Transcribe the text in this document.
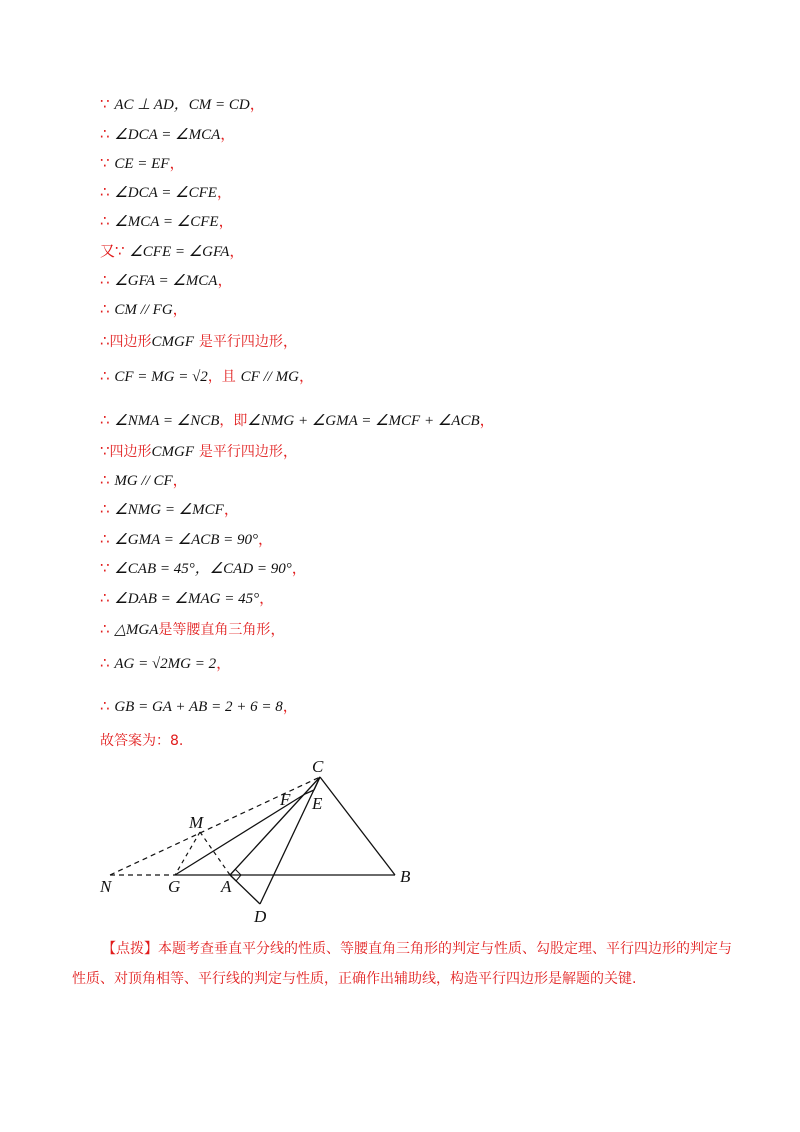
∵ AC ⊥ AD，CM = CD，
∴ ∠DCA = ∠MCA，
∵ CE = EF，
∴ ∠DCA = ∠CFE，
∴ ∠MCA = ∠CFE，
又∵ ∠CFE = ∠GFA，
∴ ∠GFA = ∠MCA，
∴ CM // FG，
∴四边形CMGF 是平行四边形，
∴ CF = MG = √2，且 CF // MG，
∴ ∠NMA = ∠NCB，即∠NMG + ∠GMA = ∠MCF + ∠ACB，
∵四边形CMGF 是平行四边形，
∴ MG // CF，
∴ ∠NMG = ∠MCF，
∴ ∠GMA = ∠ACB = 90°，
∵ ∠CAB = 45°，∠CAD = 90°，
∴ ∠DAB = ∠MAG = 45°，
∴ △MGA是等腰直角三角形，
∴ AG = √2MG = 2，
∴ GB = GA + AB = 2 + 6 = 8，
故答案为：8.
C
E
F
M
N	G A
B
D
【点拨】本题考查垂直平分线的性质、等腰直角三角形的判定与性质、勾股定理、平行四边形的判定与性质、对顶角相等、平行线的判定与性质，正确作出辅助线，构造平行四边形是解题的关键.
